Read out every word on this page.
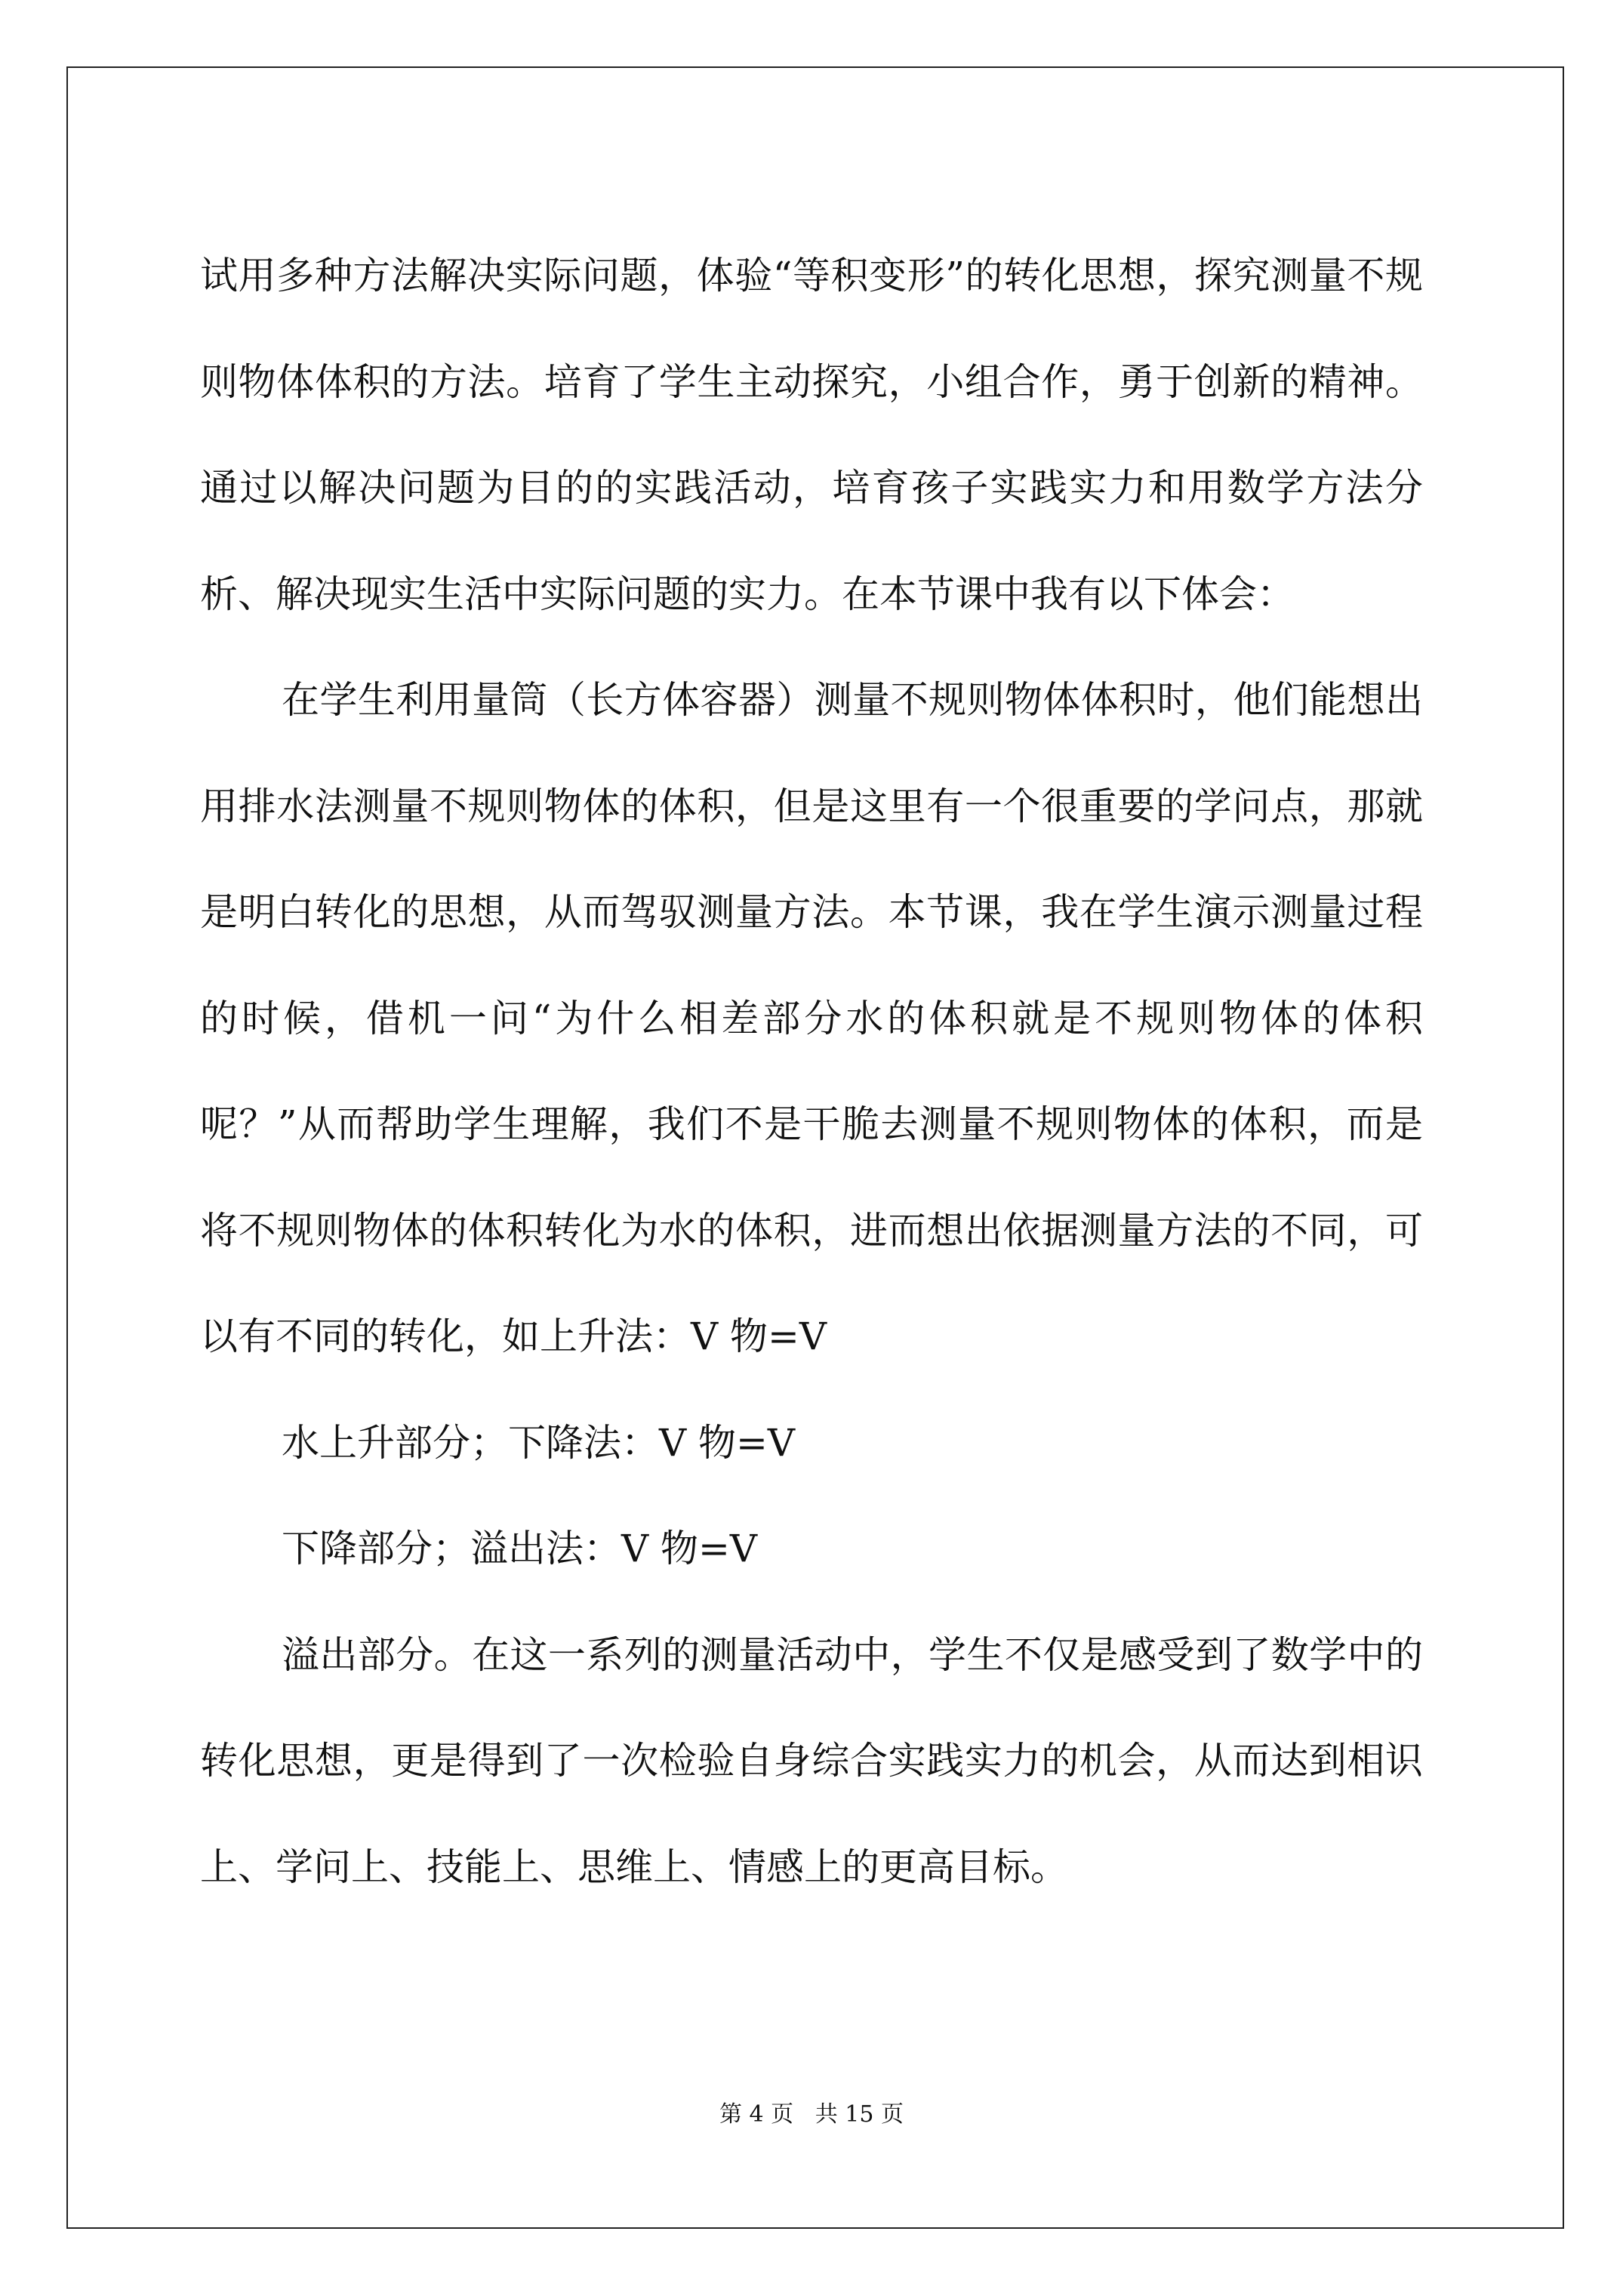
试用多种方法解决实际问题，体验“等积变形”的转化思想，探究测量不规则物体体积的方法。培育了学生主动探究，小组合作，勇于创新的精神。通过以解决问题为目的的实践活动，培育孩子实践实力和用数学方法分析、解决现实生活中实际问题的实力。在本节课中我有以下体会：

在学生利用量筒（长方体容器）测量不规则物体体积时，他们能想出用排水法测量不规则物体的体积，但是这里有一个很重要的学问点，那就是明白转化的思想，从而驾驭测量方法。本节课，我在学生演示测量过程的时候，借机一问“为什么相差部分水的体积就是不规则物体的体积呢？”从而帮助学生理解，我们不是干脆去测量不规则物体的体积，而是将不规则物体的体积转化为水的体积，进而想出依据测量方法的不同，可以有不同的转化，如上升法：V 物=V

水上升部分；下降法：V 物=V

下降部分；溢出法：V 物=V

溢出部分。在这一系列的测量活动中，学生不仅是感受到了数学中的转化思想，更是得到了一次检验自身综合实践实力的机会，从而达到相识上、学问上、技能上、思维上、情感上的更高目标。

第 4 页   共 15 页
